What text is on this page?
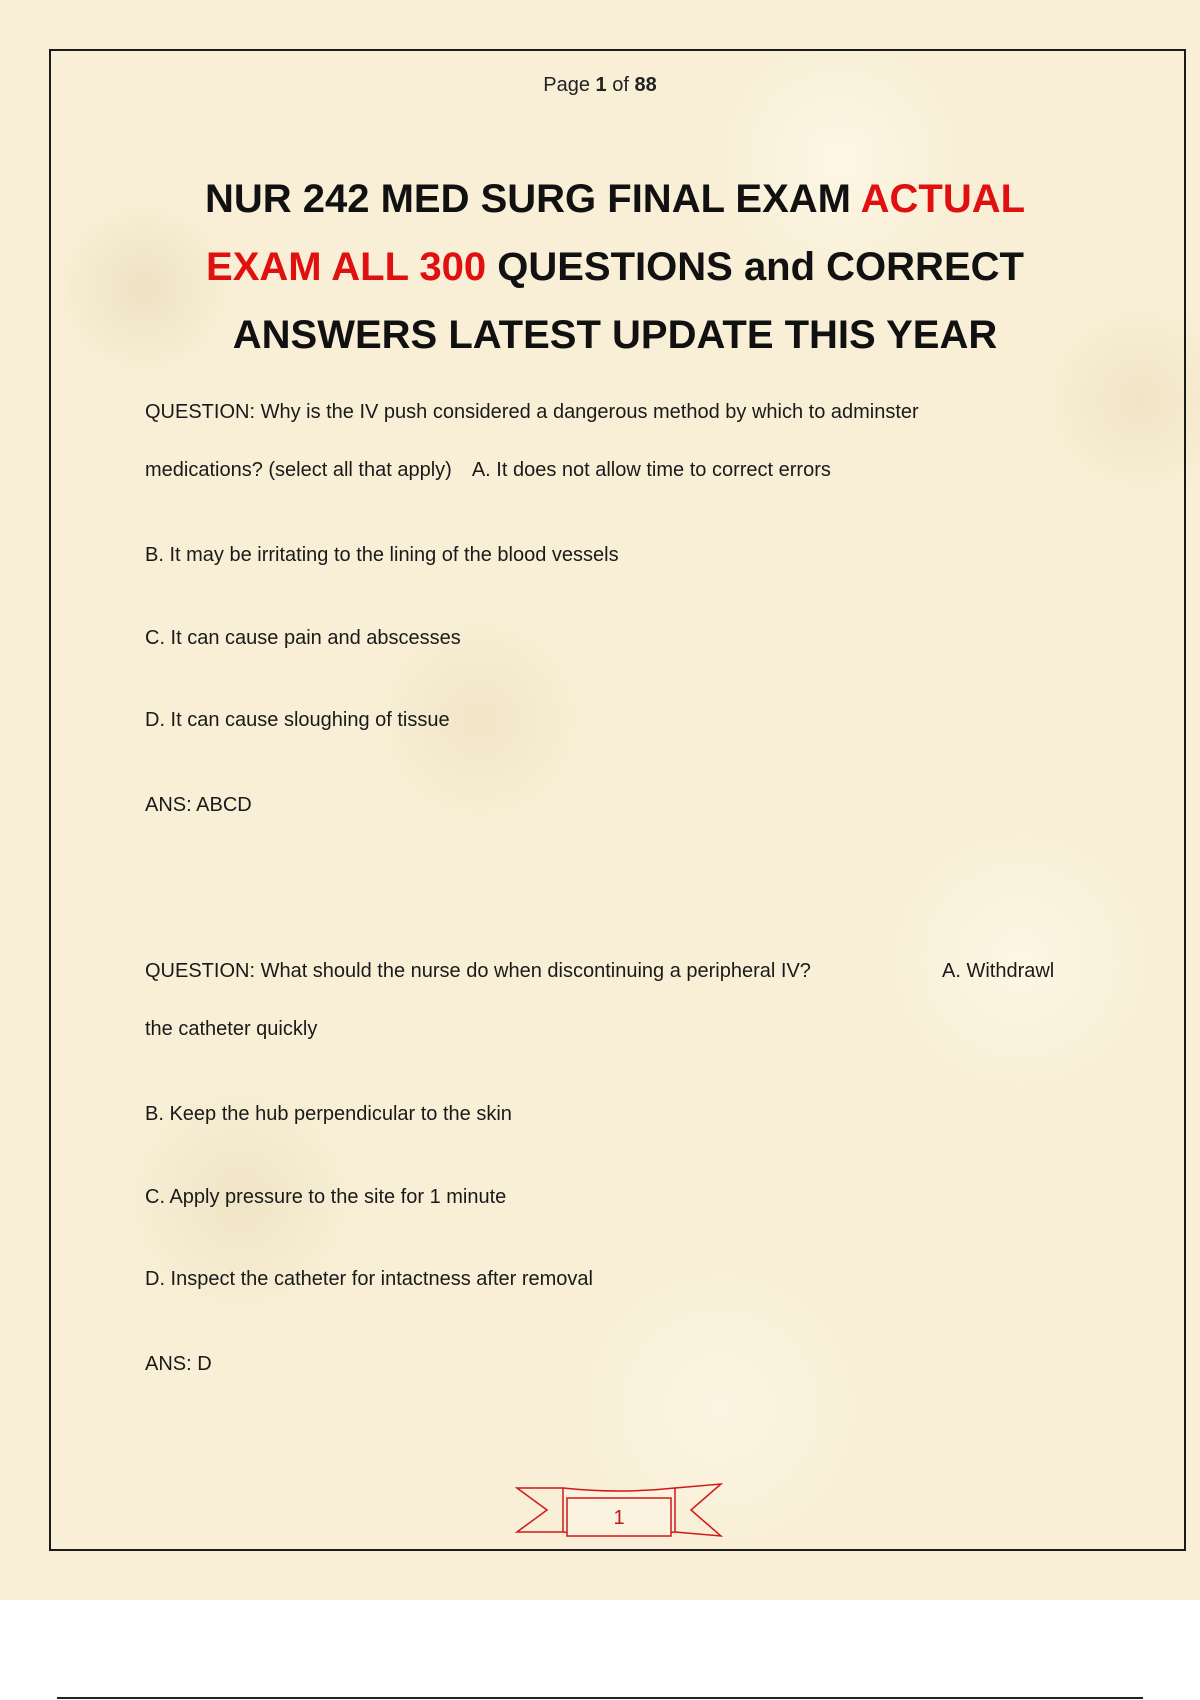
Page 1 of 88
NUR 242 MED SURG FINAL EXAM ACTUAL EXAM ALL 300 QUESTIONS and CORRECT ANSWERS LATEST UPDATE THIS YEAR
QUESTION: Why is the IV push considered a dangerous method by which to adminster
medications? (select all that apply) A. It does not allow time to correct errors
B. It may be irritating to the lining of the blood vessels
C. It can cause pain and abscesses
D. It can cause sloughing of tissue
ANS: ABCD
QUESTION: What should the nurse do when discontinuing a peripheral IV?	A. Withdrawl
the catheter quickly
B. Keep the hub perpendicular to the skin
C. Apply pressure to the site for 1 minute
D. Inspect the catheter for intactness after removal
ANS: D
1
